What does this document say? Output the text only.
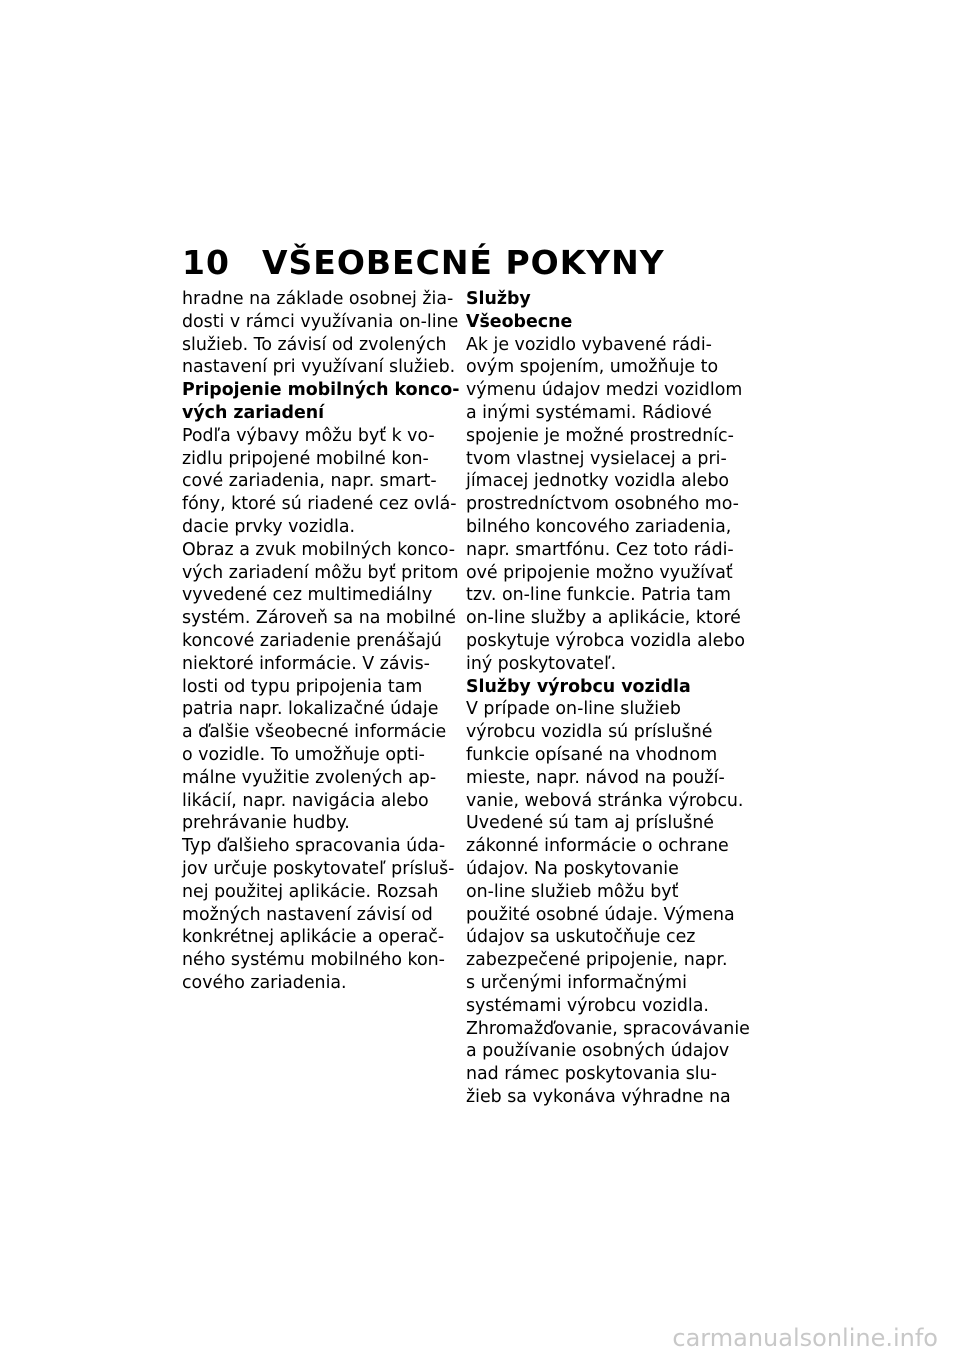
10 VŠEOBECNÉ POKYNY
hradne na základe osobnej žia-
dosti v rámci využívania on-line
služieb. To závisí od zvolených
nastavení pri využívaní služieb.
Pripojenie mobilných konco-
vých zariadení
Podľa výbavy môžu byť k vo-
zidlu pripojené mobilné kon-
cové zariadenia, napr. smart-
fóny, ktoré sú riadené cez ovlá-
dacie prvky vozidla.
Obraz a zvuk mobilných konco-
vých zariadení môžu byť pritom
vyvedené cez multimediálny
systém. Zároveň sa na mobilné
koncové zariadenie prenášajú
niektoré informácie. V závis-
losti od typu pripojenia tam
patria napr. lokalizačné údaje
a ďalšie všeobecné informácie
o vozidle. To umožňuje opti-
málne využitie zvolených ap-
likácií, napr. navigácia alebo
prehrávanie hudby.
Typ ďalšieho spracovania úda-
jov určuje poskytovateľ prísluš-
nej použitej aplikácie. Rozsah
možných nastavení závisí od
konkrétnej aplikácie a operač-
ného systému mobilného kon-
cového zariadenia.
Služby
Všeobecne
Ak je vozidlo vybavené rádi-
ovým spojením, umožňuje to
výmenu údajov medzi vozidlom
a inými systémami. Rádiové
spojenie je možné prostredníc-
tvom vlastnej vysielacej a pri-
jímacej jednotky vozidla alebo
prostredníctvom osobného mo-
bilného koncového zariadenia,
napr. smartfónu. Cez toto rádi-
ové pripojenie možno využívať
tzv. on-line funkcie. Patria tam
on-line služby a aplikácie, ktoré
poskytuje výrobca vozidla alebo
iný poskytovateľ.
Služby výrobcu vozidla
V prípade on-line služieb
výrobcu vozidla sú príslušné
funkcie opísané na vhodnom
mieste, napr. návod na použí-
vanie, webová stránka výrobcu.
Uvedené sú tam aj príslušné
zákonné informácie o ochrane
údajov. Na poskytovanie
on-line služieb môžu byť
použité osobné údaje. Výmena
údajov sa uskutočňuje cez
zabezpečené pripojenie, napr.
s určenými informačnými
systémami výrobcu vozidla.
Zhromažďovanie, spracovávanie
a používanie osobných údajov
nad rámec poskytovania slu-
žieb sa vykonáva výhradne na
carmanualsonline.info
